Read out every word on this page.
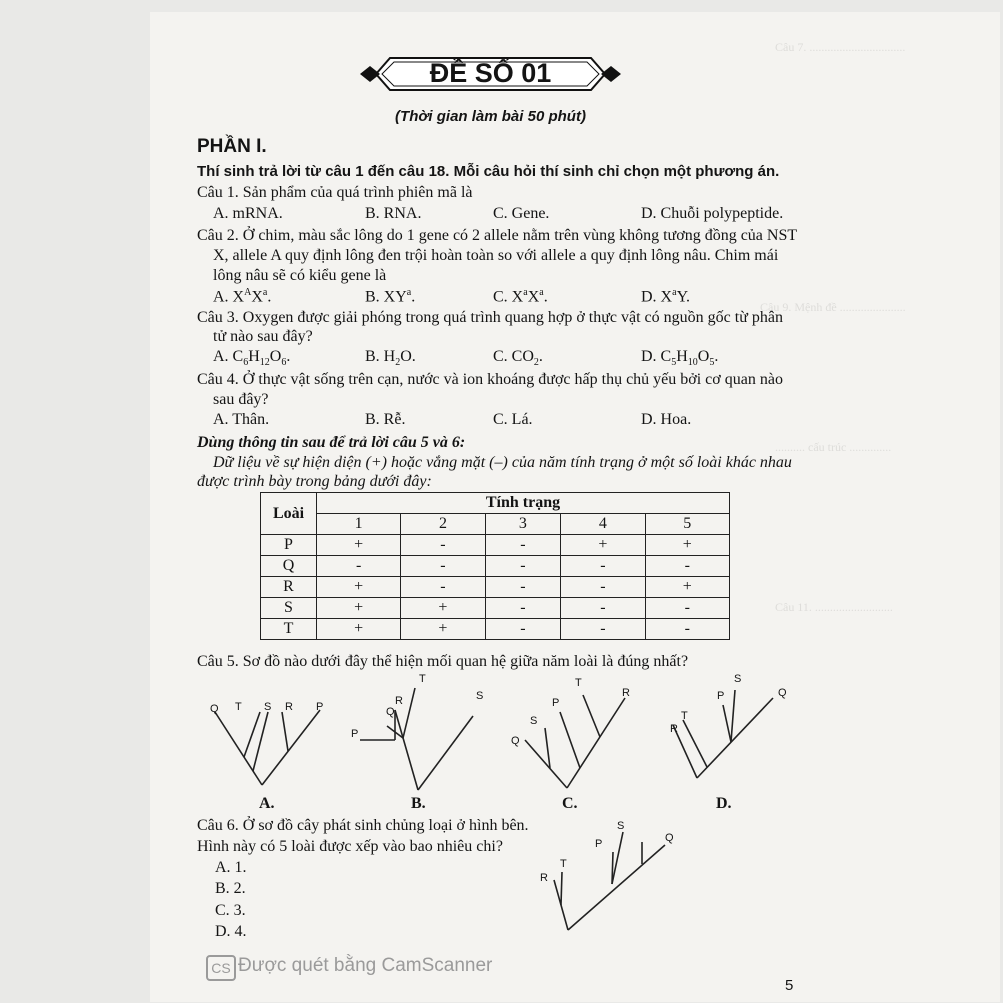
Câu 7. ................................
Câu 9. Mệnh đề ......................
.......... cấu trúc ..............
Câu 11. ..........................
ĐỀ SỐ 01
(Thời gian làm bài 50 phút)
PHẦN I.
Thí sinh trả lời từ câu 1 đến câu 18. Mỗi câu hỏi thí sinh chỉ chọn một phương án.
Câu 1. Sản phẩm của quá trình phiên mã là
A. mRNA.	B. RNA.	C. Gene.	D. Chuỗi polypeptide.
Câu 2. Ở chim, màu sắc lông do 1 gene có 2 allele nằm trên vùng không tương đồng của NST
X, allele A quy định lông đen trội hoàn toàn so với allele a quy định lông nâu. Chim mái
lông nâu sẽ có kiểu gene là
A. $X^AX^a$.	B. $XY^a$.	C. $X^aX^a$.	D. $X^aY$.
Câu 3. Oxygen được giải phóng trong quá trình quang hợp ở thực vật có nguồn gốc từ phân
tử nào sau đây?
A. $C_6H_{12}O_6$.	B. $H_2O$.	C. $CO_2$.	D. $C_5H_{10}O_5$.
Câu 4. Ở thực vật sống trên cạn, nước và ion khoáng được hấp thụ chủ yếu bởi cơ quan nào
sau đây?
A. Thân.	B. Rễ.	C. Lá.	D. Hoa.
Dùng thông tin sau để trả lời câu 5 và 6:
Dữ liệu về sự hiện diện (+) hoặc vắng mặt (–) của năm tính trạng ở một số loài khác nhau
được trình bày trong bảng dưới đây:
Loài	Tính trạng				
	1	2	3	4	5
P	+	-	-	+	+
Q	-	-	-	-	-
R	+	-	-	-	+
S	+	+	-	-	-
T	+	+	-	-	-
Câu 5. Sơ đồ nào dưới đây thể hiện mối quan hệ giữa năm loài là đúng nhất?
Q T S R P
A.
P
R
Q
T
S
B.
Q
S
P
T
R
C.
T
R
P
S
Q
D.
Câu 6. Ở sơ đồ cây phát sinh chủng loại ở hình bên.
Hình này có 5 loài được xếp vào bao nhiêu chi?
A. 1.
B. 2.
C. 3.
D. 4.
R
T
P
S
Q
CS Được quét bằng CamScanner
5
